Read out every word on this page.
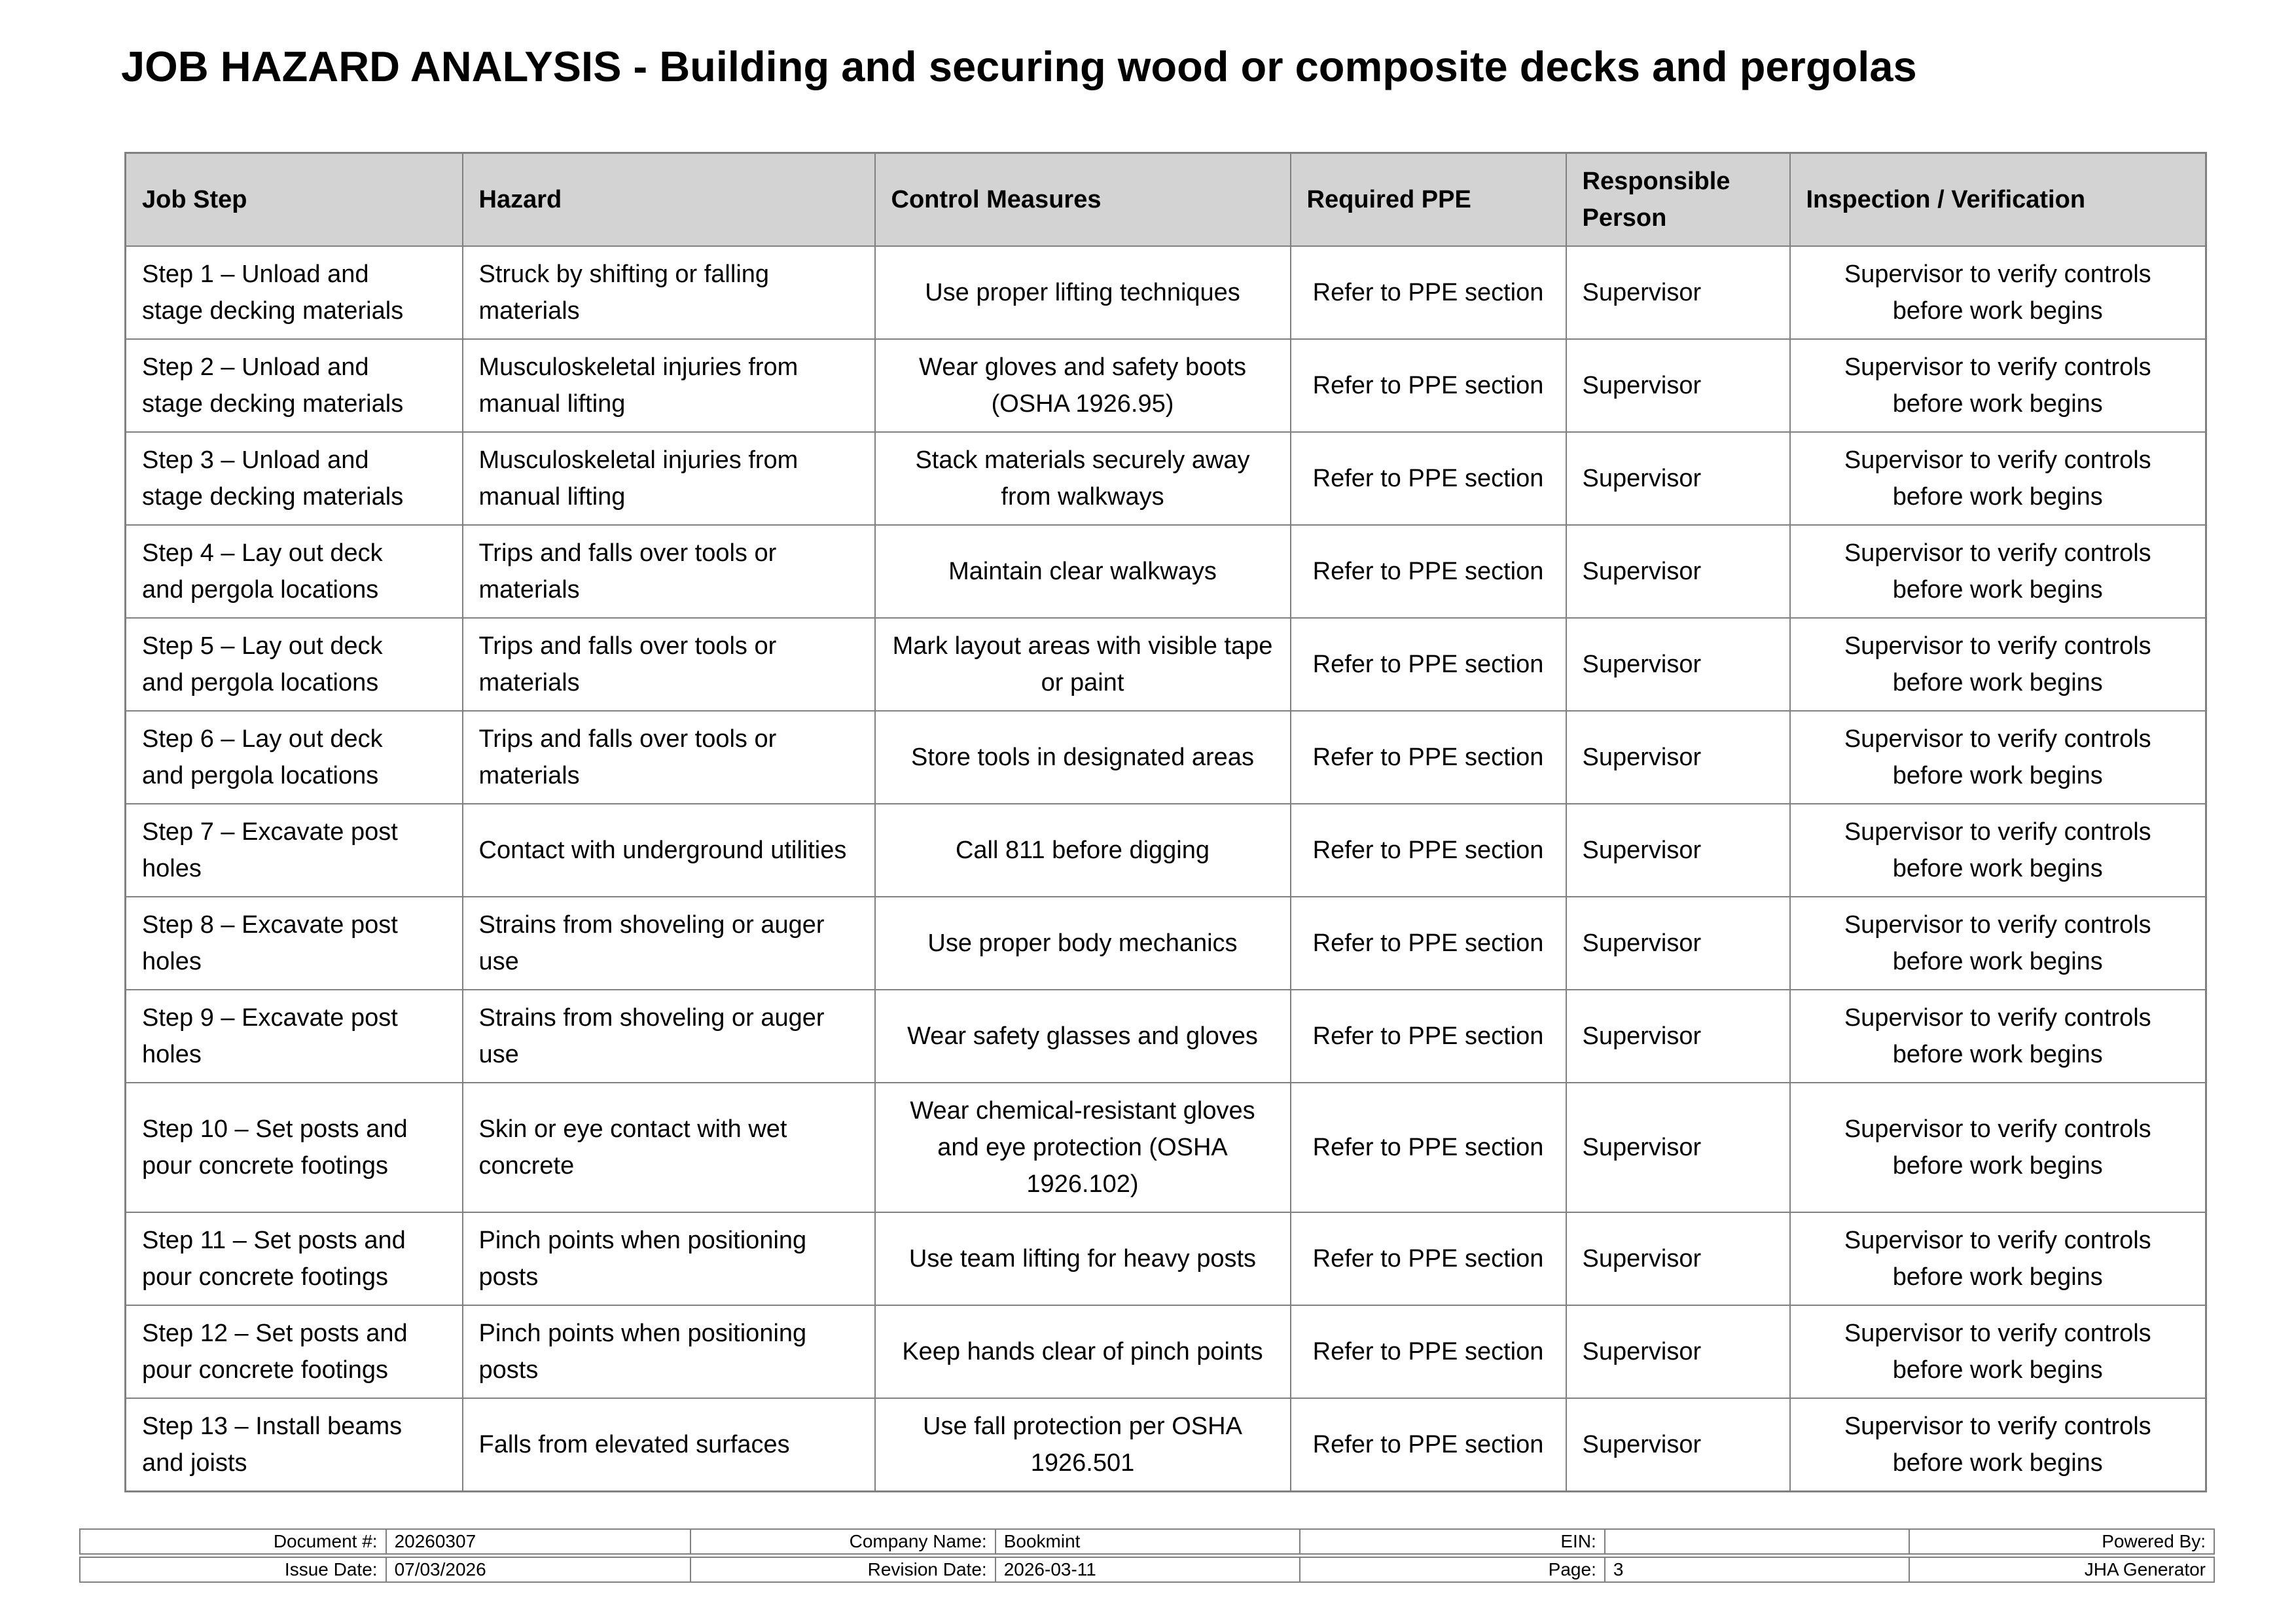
JOB HAZARD ANALYSIS - Building and securing wood or composite decks and pergolas
Job Step	Hazard	Control Measures	Required PPE	Responsible Person	Inspection / Verification
Step 1 – Unload and stage decking materials	Struck by shifting or falling materials	Use proper lifting techniques	Refer to PPE section	Supervisor	Supervisor to verify controls before work begins
Step 2 – Unload and stage decking materials	Musculoskeletal injuries from manual lifting	Wear gloves and safety boots (OSHA 1926.95)	Refer to PPE section	Supervisor	Supervisor to verify controls before work begins
Step 3 – Unload and stage decking materials	Musculoskeletal injuries from manual lifting	Stack materials securely away from walkways	Refer to PPE section	Supervisor	Supervisor to verify controls before work begins
Step 4 – Lay out deck and pergola locations	Trips and falls over tools or materials	Maintain clear walkways	Refer to PPE section	Supervisor	Supervisor to verify controls before work begins
Step 5 – Lay out deck and pergola locations	Trips and falls over tools or materials	Mark layout areas with visible tape or paint	Refer to PPE section	Supervisor	Supervisor to verify controls before work begins
Step 6 – Lay out deck and pergola locations	Trips and falls over tools or materials	Store tools in designated areas	Refer to PPE section	Supervisor	Supervisor to verify controls before work begins
Step 7 – Excavate post holes	Contact with underground utilities	Call 811 before digging	Refer to PPE section	Supervisor	Supervisor to verify controls before work begins
Step 8 – Excavate post holes	Strains from shoveling or auger use	Use proper body mechanics	Refer to PPE section	Supervisor	Supervisor to verify controls before work begins
Step 9 – Excavate post holes	Strains from shoveling or auger use	Wear safety glasses and gloves	Refer to PPE section	Supervisor	Supervisor to verify controls before work begins
Step 10 – Set posts and pour concrete footings	Skin or eye contact with wet concrete	Wear chemical-resistant gloves and eye protection (OSHA 1926.102)	Refer to PPE section	Supervisor	Supervisor to verify controls before work begins
Step 11 – Set posts and pour concrete footings	Pinch points when positioning posts	Use team lifting for heavy posts	Refer to PPE section	Supervisor	Supervisor to verify controls before work begins
Step 12 – Set posts and pour concrete footings	Pinch points when positioning posts	Keep hands clear of pinch points	Refer to PPE section	Supervisor	Supervisor to verify controls before work begins
Step 13 – Install beams and joists	Falls from elevated surfaces	Use fall protection per OSHA 1926.501	Refer to PPE section	Supervisor	Supervisor to verify controls before work begins
Document #: 20260307	Company Name: Bookmint	EIN:	Powered By:
Issue Date: 07/03/2026	Revision Date: 2026-03-11	Page: 3	JHA Generator
